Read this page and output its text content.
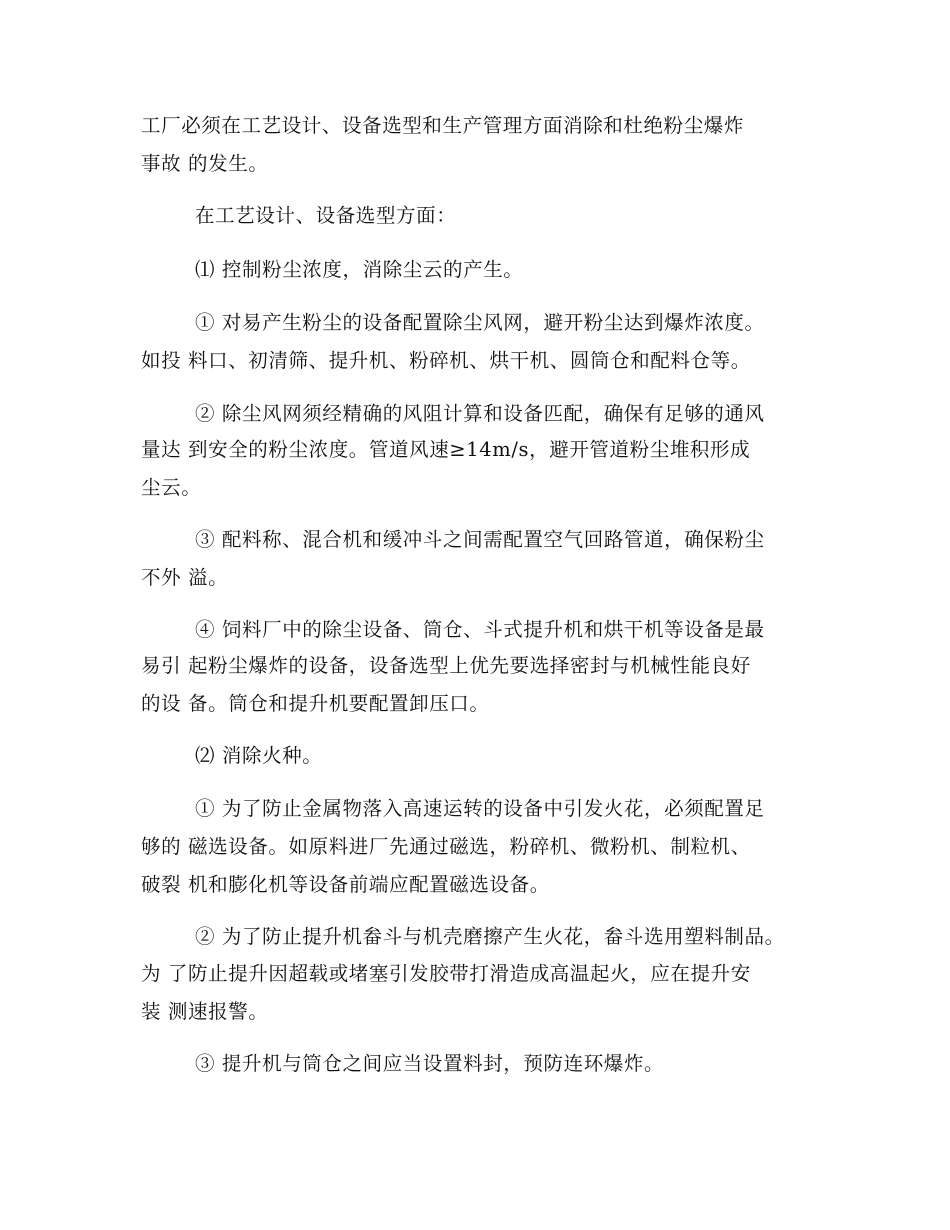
工厂必须在工艺设计、设备选型和生产管理方面消除和杜绝粉尘爆炸
事故 的发生。
在工艺设计、设备选型方面：
⑴ 控制粉尘浓度，消除尘云的产生。
① 对易产生粉尘的设备配置除尘风网，避开粉尘达到爆炸浓度。
如投 料口、初清筛、提升机、粉碎机、烘干机、圆筒仓和配料仓等。
② 除尘风网须经精确的风阻计算和设备匹配，确保有足够的通风
量达 到安全的粉尘浓度。管道风速≥14m/s，避开管道粉尘堆积形成
尘云。
③ 配料称、混合机和缓冲斗之间需配置空气回路管道，确保粉尘
不外 溢。
④ 饲料厂中的除尘设备、筒仓、斗式提升机和烘干机等设备是最
易引 起粉尘爆炸的设备，设备选型上优先要选择密封与机械性能良好
的设 备。筒仓和提升机要配置卸压口。
⑵ 消除火种。
① 为了防止金属物落入高速运转的设备中引发火花，必须配置足
够的 磁选设备。如原料进厂先通过磁选，粉碎机、微粉机、制粒机、
破裂 机和膨化机等设备前端应配置磁选设备。
② 为了防止提升机畚斗与机壳磨擦产生火花，畚斗选用塑料制品。
为 了防止提升因超载或堵塞引发胶带打滑造成高温起火，应在提升安
装 测速报警。
③ 提升机与筒仓之间应当设置料封，预防连环爆炸。
